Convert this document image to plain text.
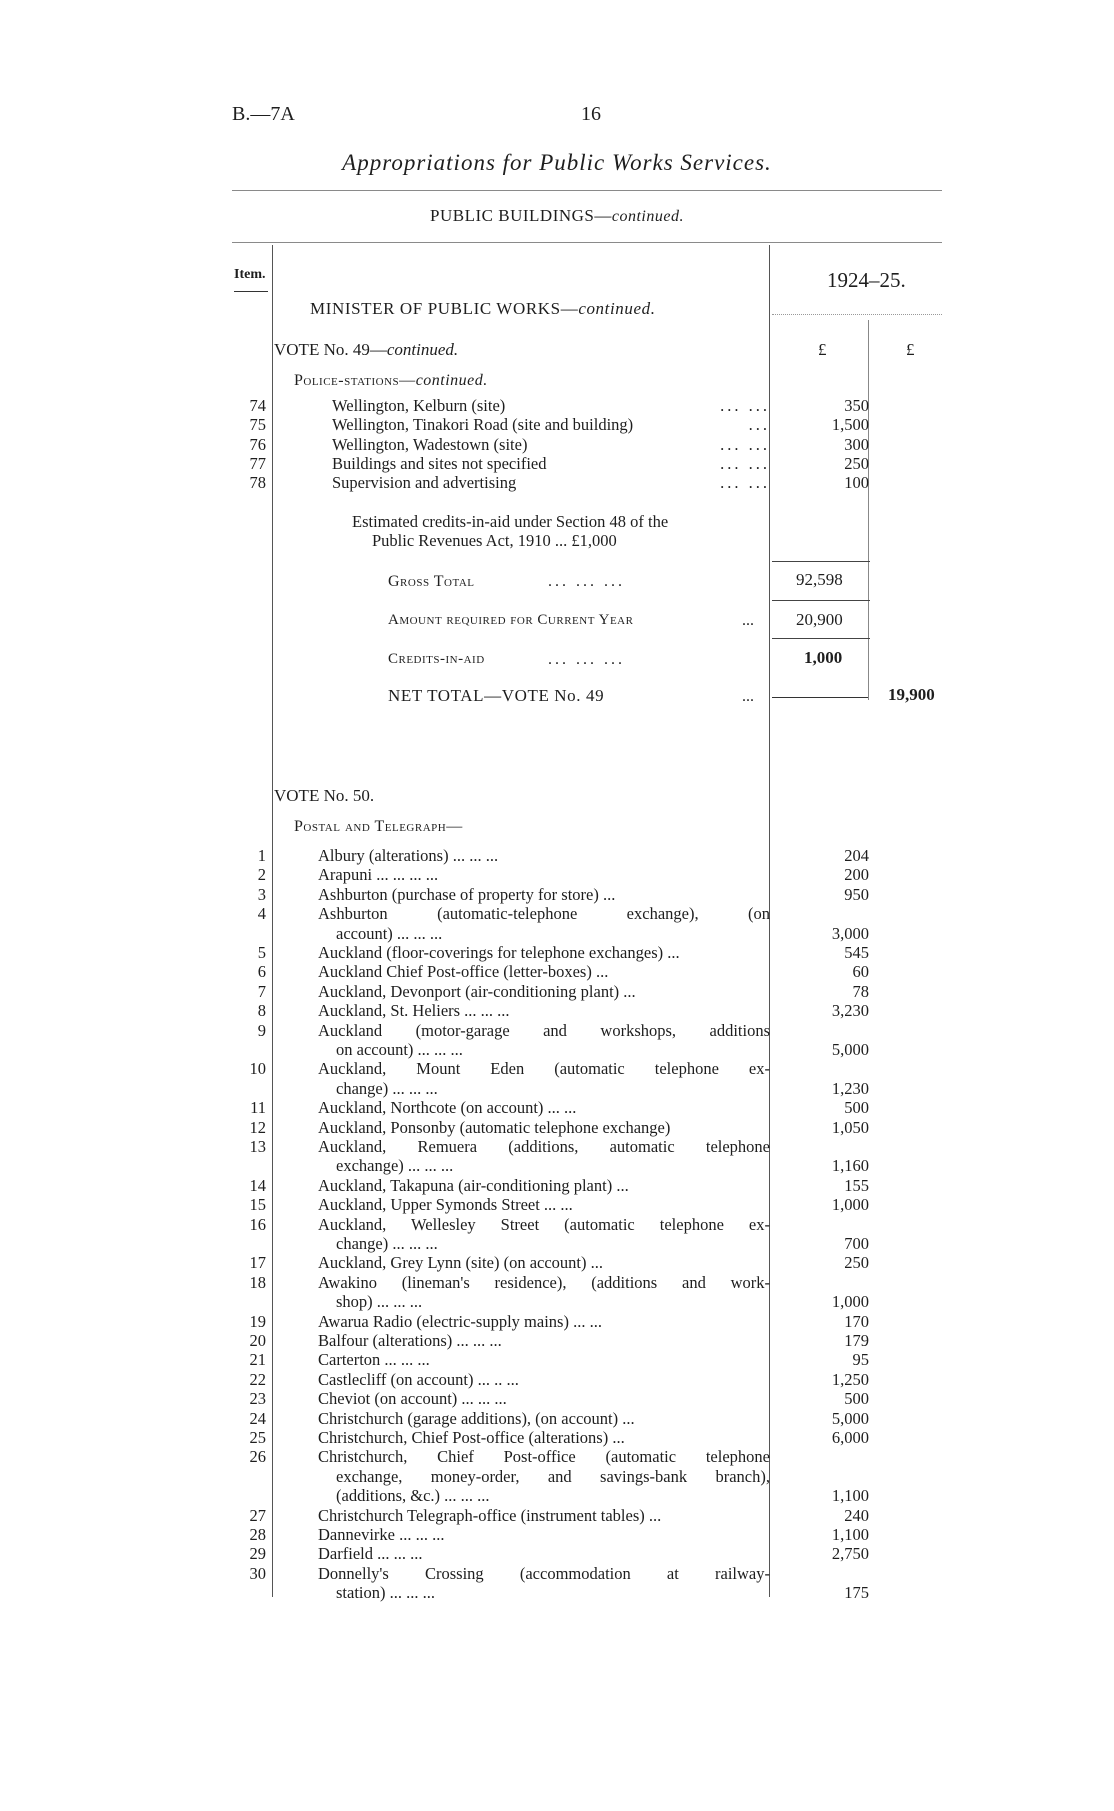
B.—7A	16
Appropriations for Public Works Services.
PUBLIC BUILDINGS—continued.
Item.	1924–25.
£	£
MINISTER OF PUBLIC WORKS—continued.
VOTE No. 49—continued.
Police-stations—continued.
74	Wellington, Kelburn (site)	... ...	350
75	Wellington, Tinakori Road (site and building)	...	1,500
76	Wellington, Wadestown (site)	... ...	300
77	Buildings and sites not specified	... ...	250
78	Supervision and advertising	... ...	100
Estimated credits-in-aid under Section 48 of the
Public Revenues Act, 1910 ... £1,000
Gross Total	... ... ...	92,598
Amount required for Current Year	... 20,900
Credits-in-aid	... ... ...	1,000
NET TOTAL—VOTE No. 49	...	19,900
VOTE No. 50.
Postal and Telegraph—
1	Albury (alterations) ... ... ...	204
2	Arapuni ... ... ... ...	200
3	Ashburton (purchase of property for store) ...	950
4	Ashburton (automatic-telephone exchange), (on
account) ... ... ...	3,000
5	Auckland (floor-coverings for telephone exchanges) ...	545
6	Auckland Chief Post-office (letter-boxes) ...	60
7	Auckland, Devonport (air-conditioning plant) ...	78
8	Auckland, St. Heliers ... ... ...	3,230
9	Auckland (motor-garage and workshops, additions
on account) ... ... ...	5,000
10	Auckland, Mount Eden (automatic telephone ex-
change) ... ... ...	1,230
11	Auckland, Northcote (on account) ... ...	500
12	Auckland, Ponsonby (automatic telephone exchange)	1,050
13	Auckland, Remuera (additions, automatic telephone
exchange) ... ... ...	1,160
14	Auckland, Takapuna (air-conditioning plant) ...	155
15	Auckland, Upper Symonds Street ... ...	1,000
16	Auckland, Wellesley Street (automatic telephone ex-
change) ... ... ...	700
17	Auckland, Grey Lynn (site) (on account) ...	250
18	Awakino (lineman's residence), (additions and work-
shop) ... ... ...	1,000
19	Awarua Radio (electric-supply mains) ... ...	170
20	Balfour (alterations) ... ... ...	179
21	Carterton ... ... ...	95
22	Castlecliff (on account) ... .. ...	1,250
23	Cheviot (on account) ... ... ...	500
24	Christchurch (garage additions), (on account) ...	5,000
25	Christchurch, Chief Post-office (alterations) ...	6,000
26	Christchurch, Chief Post-office (automatic telephone
exchange, money-order, and savings-bank branch),
(additions, &c.) ... ... ...	1,100
27	Christchurch Telegraph-office (instrument tables) ...	240
28	Dannevirke ... ... ...	1,100
29	Darfield ... ... ...	2,750
30	Donnelly's Crossing (accommodation at railway-
station) ... ... ...	175
